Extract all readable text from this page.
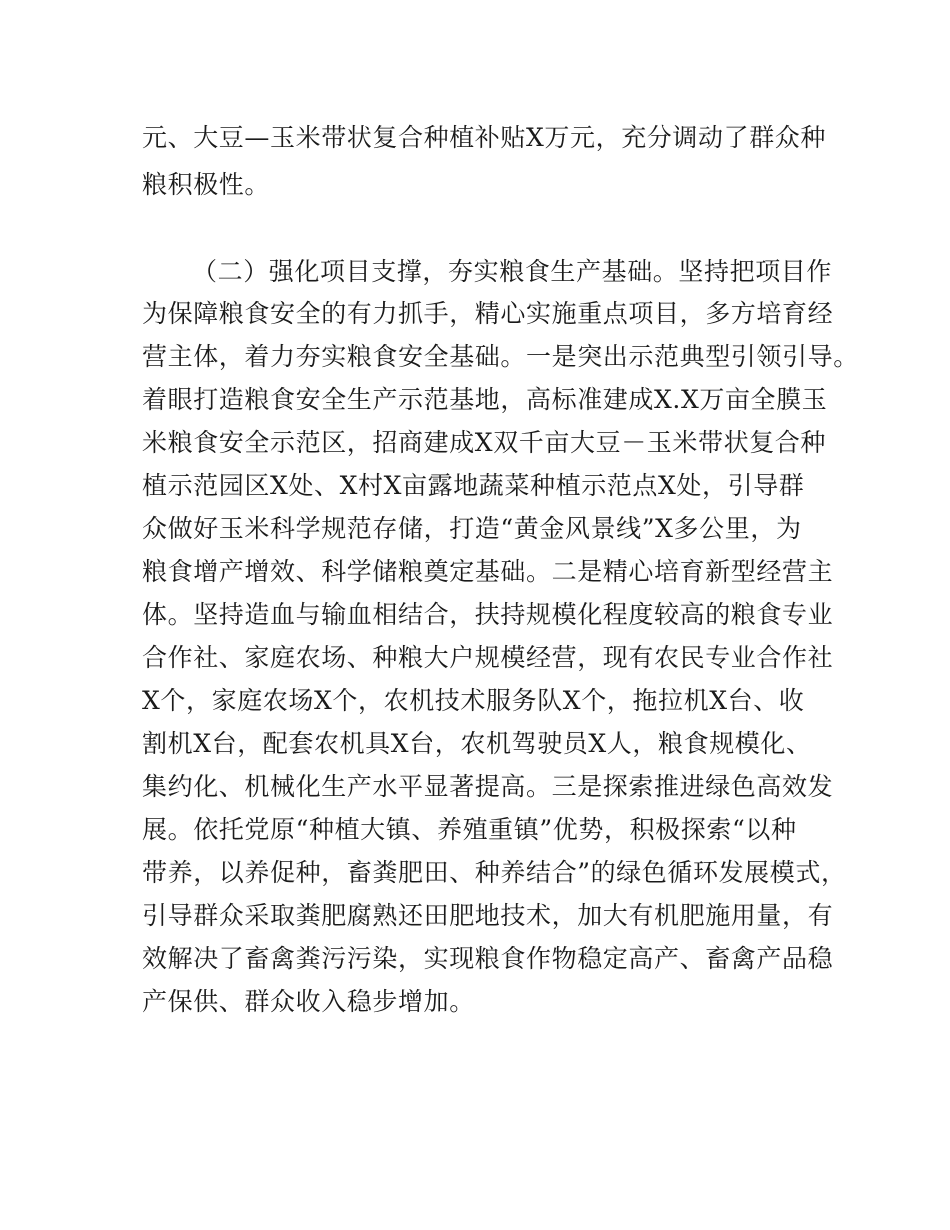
元、大豆—玉米带状复合种植补贴X万元，充分调动了群众种
粮积极性。
（二）强化项目支撑，夯实粮食生产基础。坚持把项目作
为保障粮食安全的有力抓手，精心实施重点项目，多方培育经
营主体，着力夯实粮食安全基础。一是突出示范典型引领引导。
着眼打造粮食安全生产示范基地，高标准建成X.X万亩全膜玉
米粮食安全示范区，招商建成X双千亩大豆－玉米带状复合种
植示范园区X处、X村X亩露地蔬菜种植示范点X处，引导群
众做好玉米科学规范存储，打造“黄金风景线”X多公里，为
粮食增产增效、科学储粮奠定基础。二是精心培育新型经营主
体。坚持造血与输血相结合，扶持规模化程度较高的粮食专业
合作社、家庭农场、种粮大户规模经营，现有农民专业合作社
X个，家庭农场X个，农机技术服务队X个，拖拉机X台、收
割机X台，配套农机具X台，农机驾驶员X人，粮食规模化、
集约化、机械化生产水平显著提高。三是探索推进绿色高效发
展。依托党原“种植大镇、养殖重镇”优势，积极探索“以种
带养，以养促种，畜粪肥田、种养结合”的绿色循环发展模式，
引导群众采取粪肥腐熟还田肥地技术，加大有机肥施用量，有
效解决了畜禽粪污污染，实现粮食作物稳定高产、畜禽产品稳
产保供、群众收入稳步增加。
